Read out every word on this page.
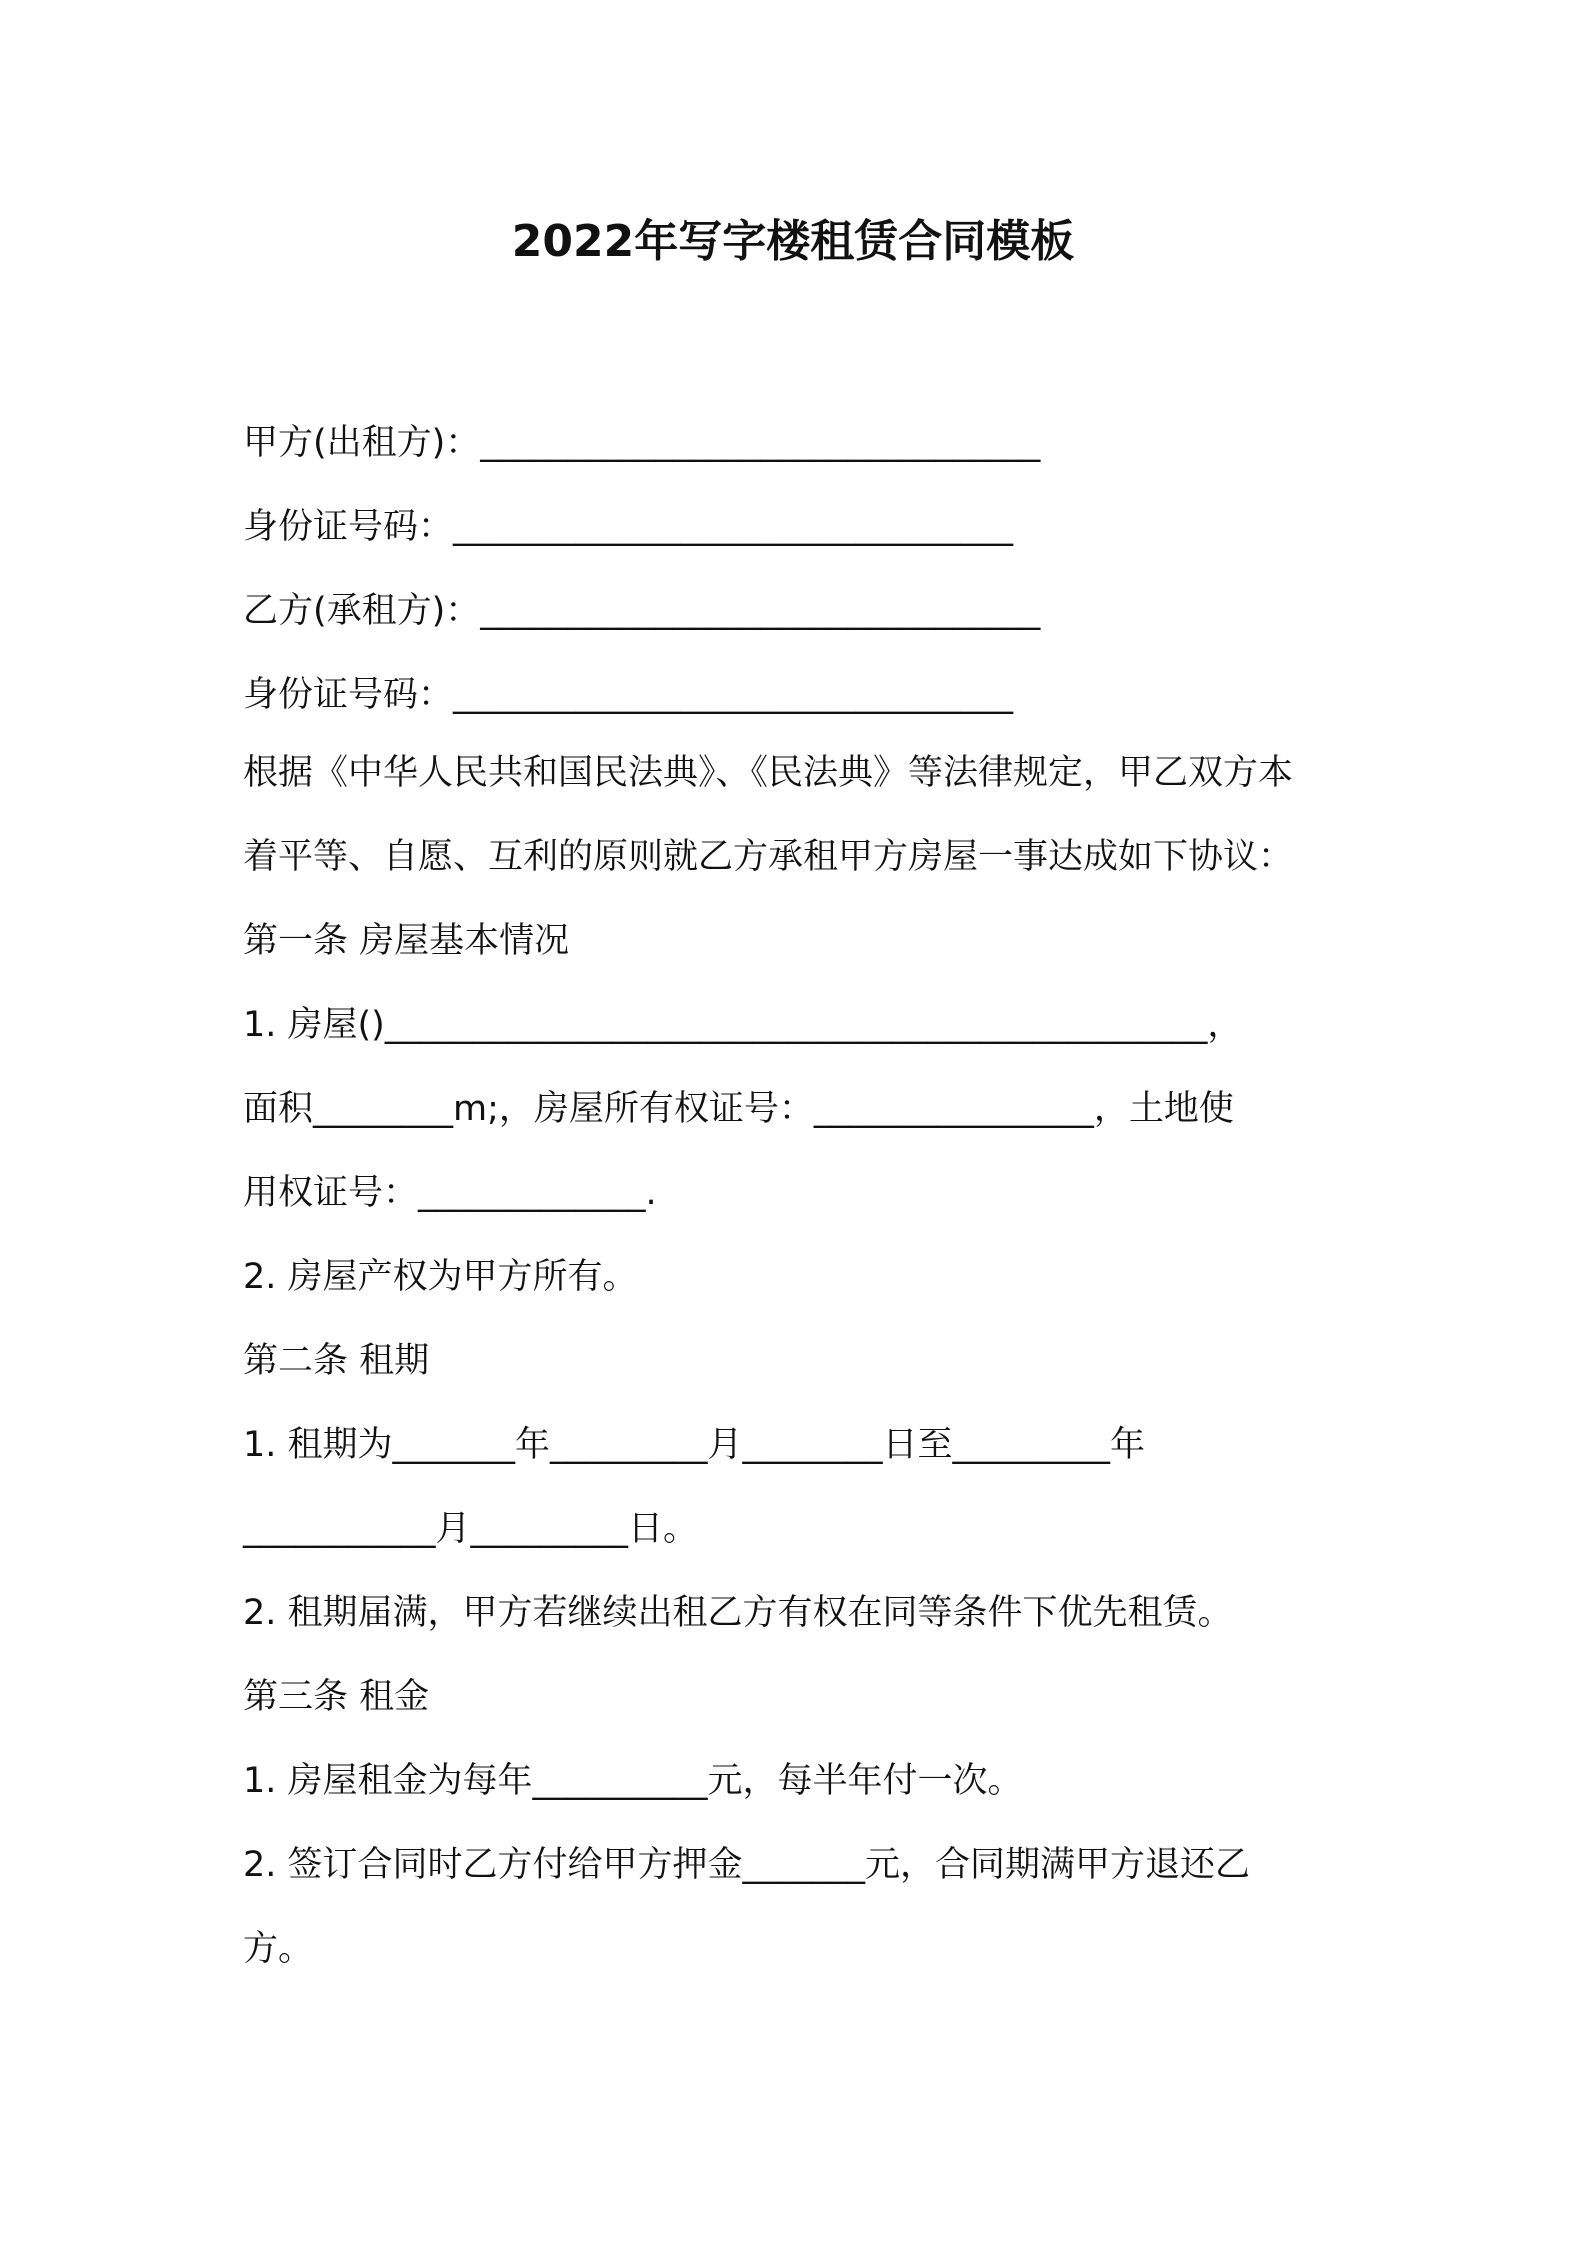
2022年写字楼租赁合同模板
甲方(出租方)：________________________________
身份证号码：________________________________
乙方(承租方)：________________________________
身份证号码：________________________________
根据《中华人民共和国民法典》、《民法典》等法律规定，甲乙双方本
着平等、自愿、互利的原则就乙方承租甲方房屋一事达成如下协议：
第一条 房屋基本情况
1. 房屋()_______________________________________________，
面积________m;，房屋所有权证号：________________，土地使
用权证号：_____________.
2. 房屋产权为甲方所有。
第二条 租期
1. 租期为_______年_________月________日至_________年
___________月_________日。
2. 租期届满，甲方若继续出租乙方有权在同等条件下优先租赁。
第三条 租金
1. 房屋租金为每年__________元，每半年付一次。
2. 签订合同时乙方付给甲方押金_______元，合同期满甲方退还乙
方。
